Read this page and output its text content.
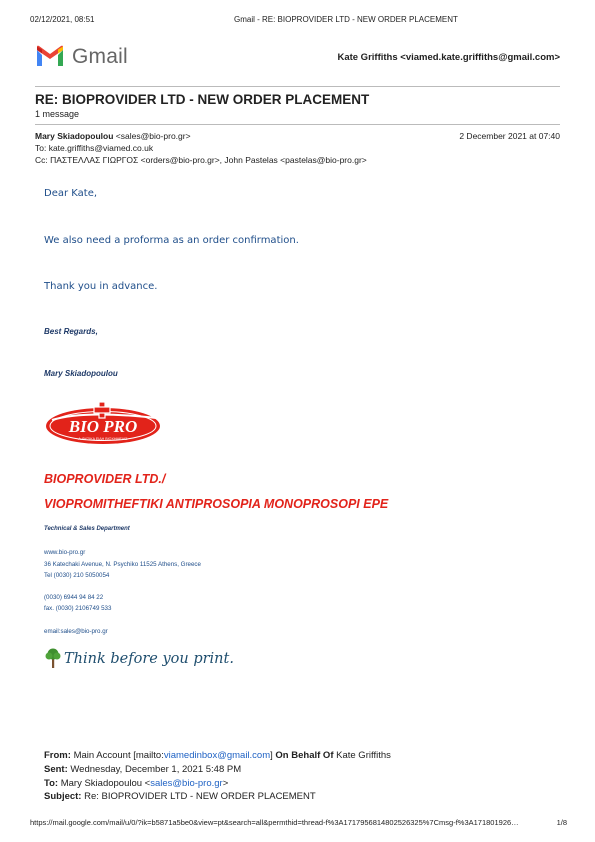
02/12/2021, 08:51	Gmail - RE: BIOPROVIDER LTD - NEW ORDER PLACEMENT
Gmail	Kate Griffiths <viamed.kate.griffiths@gmail.com>
RE: BIOPROVIDER LTD - NEW ORDER PLACEMENT
1 message
Mary Skiadopoulou <sales@bio-pro.gr>	2 December 2021 at 07:40
To: kate.griffiths@viamed.co.uk
Cc: ΠΑΣΤΕΛΛΑΣ ΓΙΩΡΓΟΣ <orders@bio-pro.gr>, John Pastelas <pastelas@bio-pro.gr>
Dear Kate,
We also need a proforma as an order confirmation.
Thank you in advance.
Best Regards,
Mary Skiadopoulou
BIO PRO
Λ.ΦΥΣΙΚΑ ΕΙΔΗ ΒΙΟΧΗΜΕΙΑΣ
BIOPROVIDER LTD./
VIOPROMITHEFTIKI ANTIPROSOPIA MONOPROSOPI EPE
Technical & Sales Department
www.bio-pro.gr
36 Katechaki Avenue, N. Psychiko 11525 Athens, Greece
Tel (0030) 210 5050054
(0030) 6944 94 84 22
fax. (0030) 2106749 533
email:sales@bio-pro.gr
Think before you print.
From: Main Account [mailto:viamedinbox@gmail.com] On Behalf Of Kate Griffiths
Sent: Wednesday, December 1, 2021 5:48 PM
To: Mary Skiadopoulou <sales@bio-pro.gr>
Subject: Re: BIOPROVIDER LTD - NEW ORDER PLACEMENT
https://mail.google.com/mail/u/0/?ik=b5871a5be0&view=pt&search=all&permthid=thread-f%3A1717956814802526325%7Cmsg-f%3A171801926…	1/8
